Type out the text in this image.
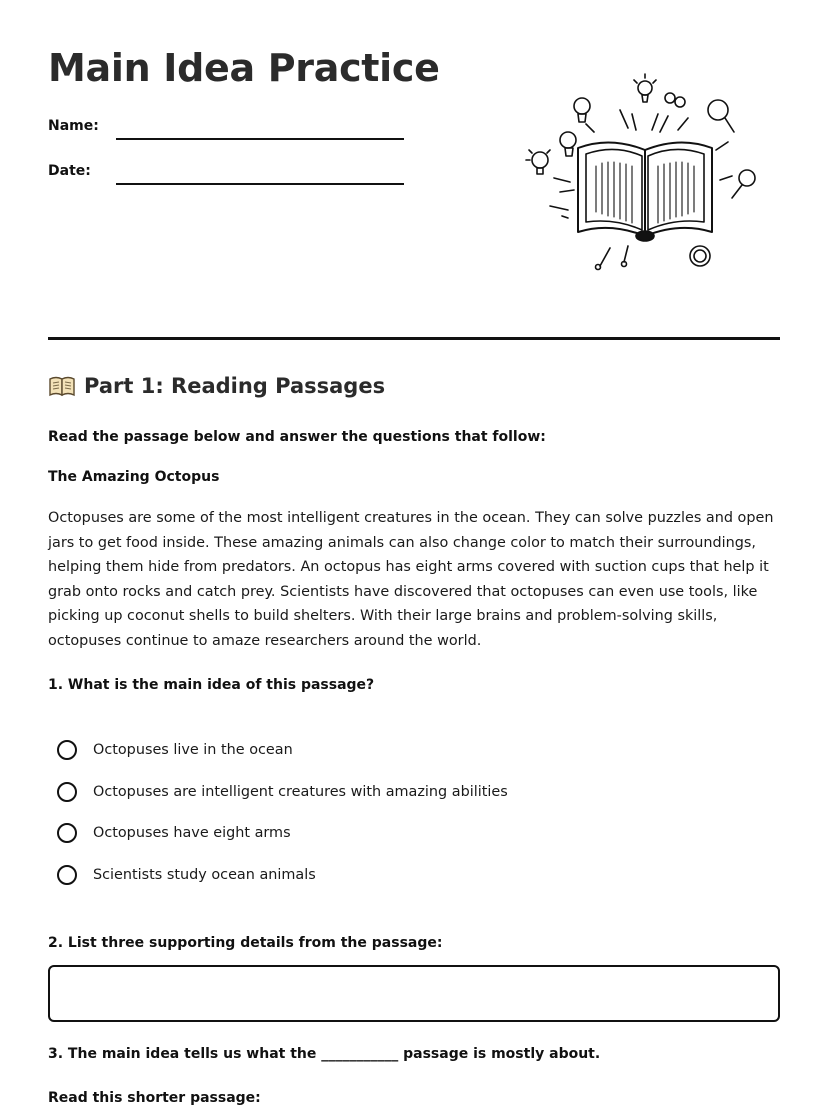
Main Idea Practice
Name:
Date:
Part 1: Reading Passages
Read the passage below and answer the questions that follow:
The Amazing Octopus

Octopuses are some of the most intelligent creatures in the ocean. They can solve puzzles and open jars to get food inside. These amazing animals can also change color to match their surroundings, helping them hide from predators. An octopus has eight arms covered with suction cups that help it grab onto rocks and catch prey. Scientists have discovered that octopuses can even use tools, like picking up coconut shells to build shelters. With their large brains and problem-solving skills, octopuses continue to amaze researchers around the world.

1. What is the main idea of this passage?
Octopuses live in the ocean
Octopuses are intelligent creatures with amazing abilities
Octopuses have eight arms
Scientists study ocean animals
2. List three supporting details from the passage:
3. The main idea tells us what the ___________ passage is mostly about.
Read this shorter passage:
